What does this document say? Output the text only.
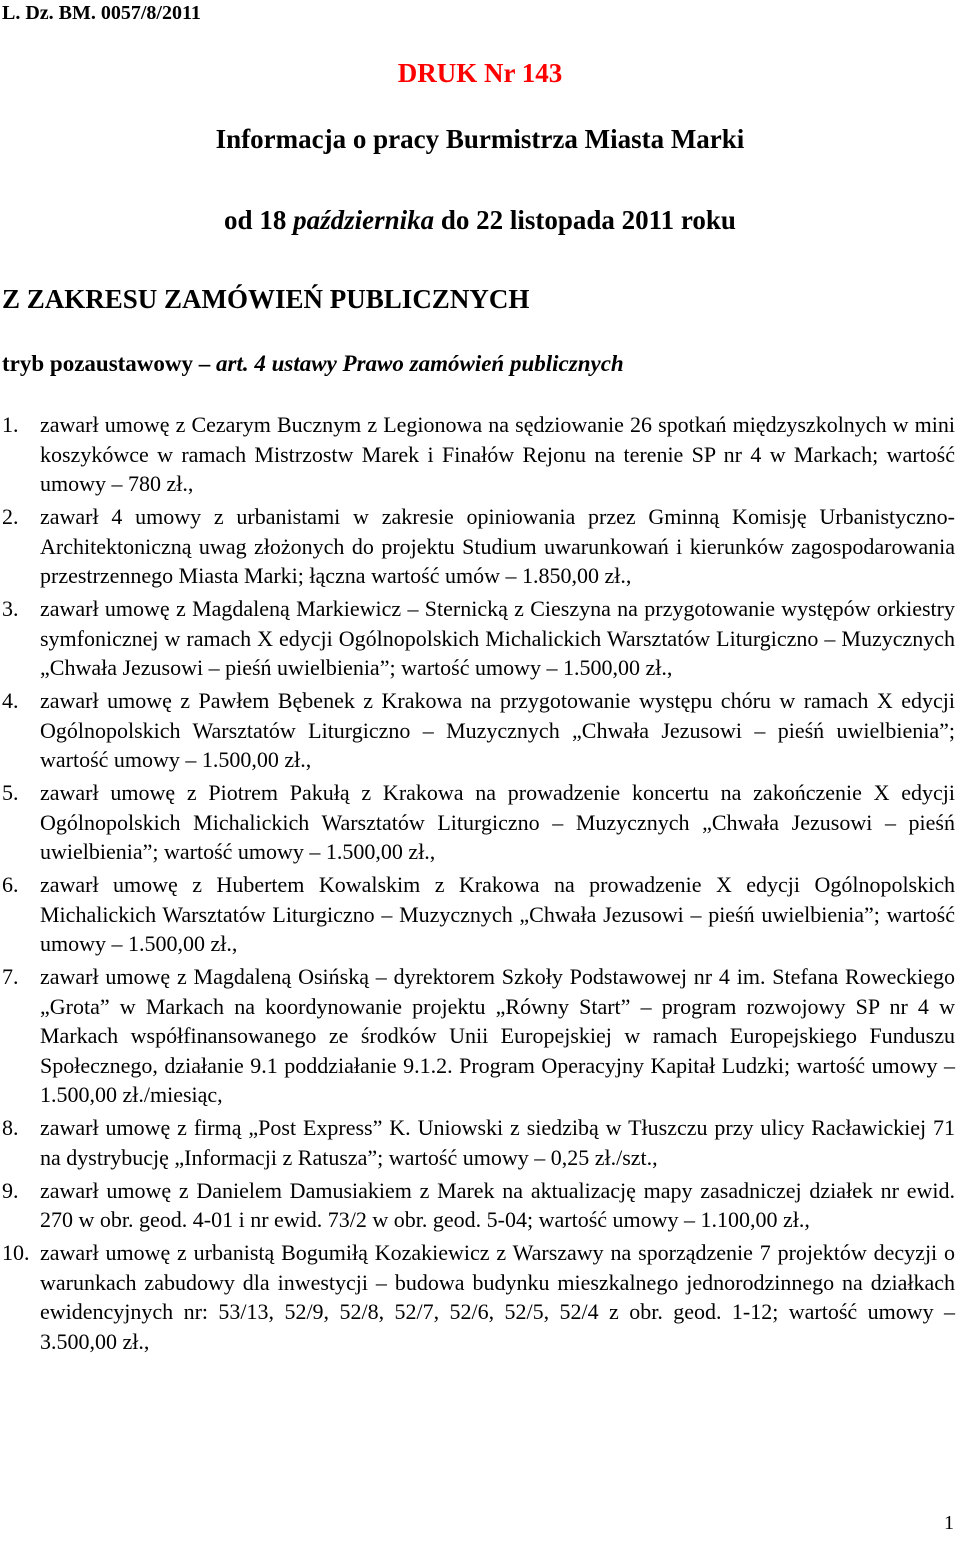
L. Dz. BM. 0057/8/2011
DRUK Nr 143
Informacja o pracy Burmistrza Miasta Marki
od 18 października do 22 listopada 2011 roku
Z ZAKRESU ZAMÓWIEŃ PUBLICZNYCH
tryb pozaustawowy – art. 4 ustawy Prawo zamówień publicznych
1. zawarł umowę z Cezarym Bucznym z Legionowa na sędziowanie 26 spotkań międzyszkolnych w mini koszykówce w ramach Mistrzostw Marek i Finałów Rejonu na terenie SP nr 4 w Markach; wartość umowy – 780 zł.,
2. zawarł 4 umowy z urbanistami w zakresie opiniowania przez Gminną Komisję Urbanistyczno-Architektoniczną uwag złożonych do projektu Studium uwarunkowań i kierunków zagospodarowania przestrzennego Miasta Marki; łączna wartość umów – 1.850,00 zł.,
3. zawarł umowę z Magdaleną Markiewicz – Sternicką z Cieszyna na przygotowanie występów orkiestry symfonicznej w ramach X edycji Ogólnopolskich Michalickich Warsztatów Liturgiczno – Muzycznych „Chwała Jezusowi – pieśń uwielbienia”; wartość umowy – 1.500,00 zł.,
4. zawarł umowę z Pawłem Bębenek z Krakowa na przygotowanie występu chóru w ramach X edycji Ogólnopolskich Warsztatów Liturgiczno – Muzycznych „Chwała Jezusowi – pieśń uwielbienia”; wartość umowy – 1.500,00 zł.,
5. zawarł umowę z Piotrem Pakułą z Krakowa na prowadzenie koncertu na zakończenie X edycji Ogólnopolskich Michalickich Warsztatów Liturgiczno – Muzycznych „Chwała Jezusowi – pieśń uwielbienia”; wartość umowy – 1.500,00 zł.,
6. zawarł umowę z Hubertem Kowalskim z Krakowa na prowadzenie X edycji Ogólnopolskich Michalickich Warsztatów Liturgiczno – Muzycznych „Chwała Jezusowi – pieśń uwielbienia”; wartość umowy – 1.500,00 zł.,
7. zawarł umowę z Magdaleną Osińską – dyrektorem Szkoły Podstawowej nr 4 im. Stefana Roweckiego „Grota” w Markach na koordynowanie projektu „Równy Start” – program rozwojowy SP nr 4 w Markach współfinansowanego ze środków Unii Europejskiej w ramach Europejskiego Funduszu Społecznego, działanie 9.1 poddziałanie 9.1.2. Program Operacyjny Kapitał Ludzki; wartość umowy – 1.500,00 zł./miesiąc,
8. zawarł umowę z firmą „Post Express” K. Uniowski z siedzibą w Tłuszczu przy ulicy Racławickiej 71 na dystrybucję „Informacji z Ratusza”; wartość umowy – 0,25 zł./szt.,
9. zawarł umowę z Danielem Damusiakiem z Marek na aktualizację mapy zasadniczej działek nr ewid. 270 w obr. geod. 4-01 i nr ewid. 73/2 w obr. geod. 5-04; wartość umowy – 1.100,00 zł.,
10. zawarł umowę z urbanistą Bogumiłą Kozakiewicz z Warszawy na sporządzenie 7 projektów decyzji o warunkach zabudowy dla inwestycji – budowa budynku mieszkalnego jednorodzinnego na działkach ewidencyjnych nr: 53/13, 52/9, 52/8, 52/7, 52/6, 52/5, 52/4 z obr. geod. 1-12; wartość umowy – 3.500,00 zł.,
1
